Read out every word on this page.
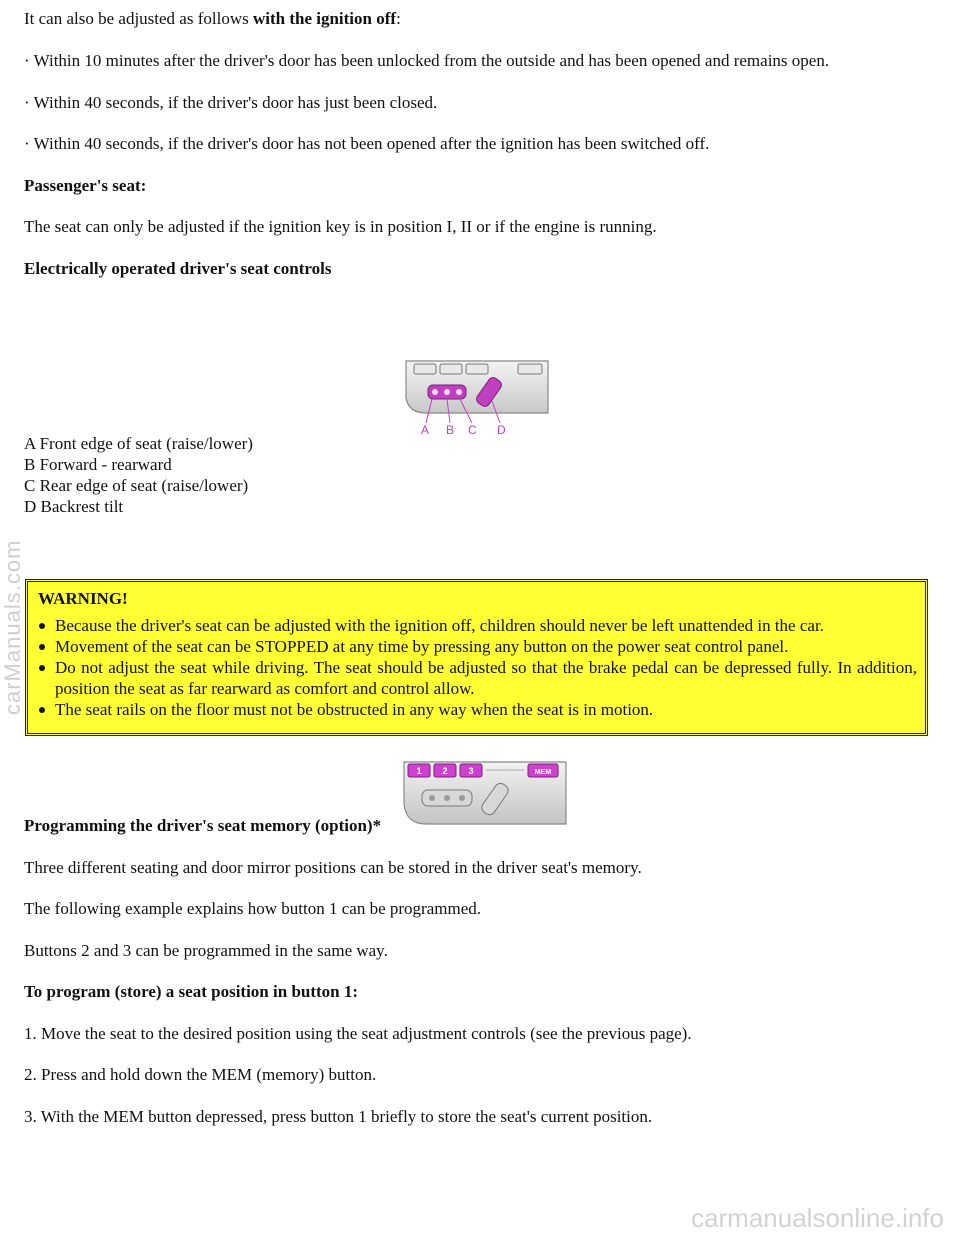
It can also be adjusted as follows with the ignition off:

· Within 10 minutes after the driver's door has been unlocked from the outside and has been opened and remains open.

· Within 40 seconds, if the driver's door has just been closed.

· Within 40 seconds, if the driver's door has not been opened after the ignition has been switched off.

Passenger's seat:

The seat can only be adjusted if the ignition key is in position I, II or if the engine is running.

Electrically operated driver's seat controls

A Front edge of seat (raise/lower)

B Forward - rearward

C Rear edge of seat (raise/lower)

D Backrest tilt

Programming the driver's seat memory (option)*

Three different seating and door mirror positions can be stored in the driver seat's memory.

The following example explains how button 1 can be programmed.

Buttons 2 and 3 can be programmed in the same way.

To program (store) a seat position in button 1:

1. Move the seat to the desired position using the seat adjustment controls (see the previous page).

2. Press and hold down the MEM (memory) button.

3. With the MEM button depressed, press button 1 briefly to store the seat's current position.

A B C D

WARNING!

Because the driver's seat can be adjusted with the ignition off, children should never be left unattended in the car.
Movement of the seat can be STOPPED at any time by pressing any button on the power seat control panel.
Do not adjust the seat while driving. The seat should be adjusted so that the brake pedal can be depressed fully. In addition, position the seat as far rearward as comfort and control allow.
The seat rails on the floor must not be obstructed in any way when the seat is in motion.
1 2 3	MEM
carManuals.com
carmanualsonline.info
